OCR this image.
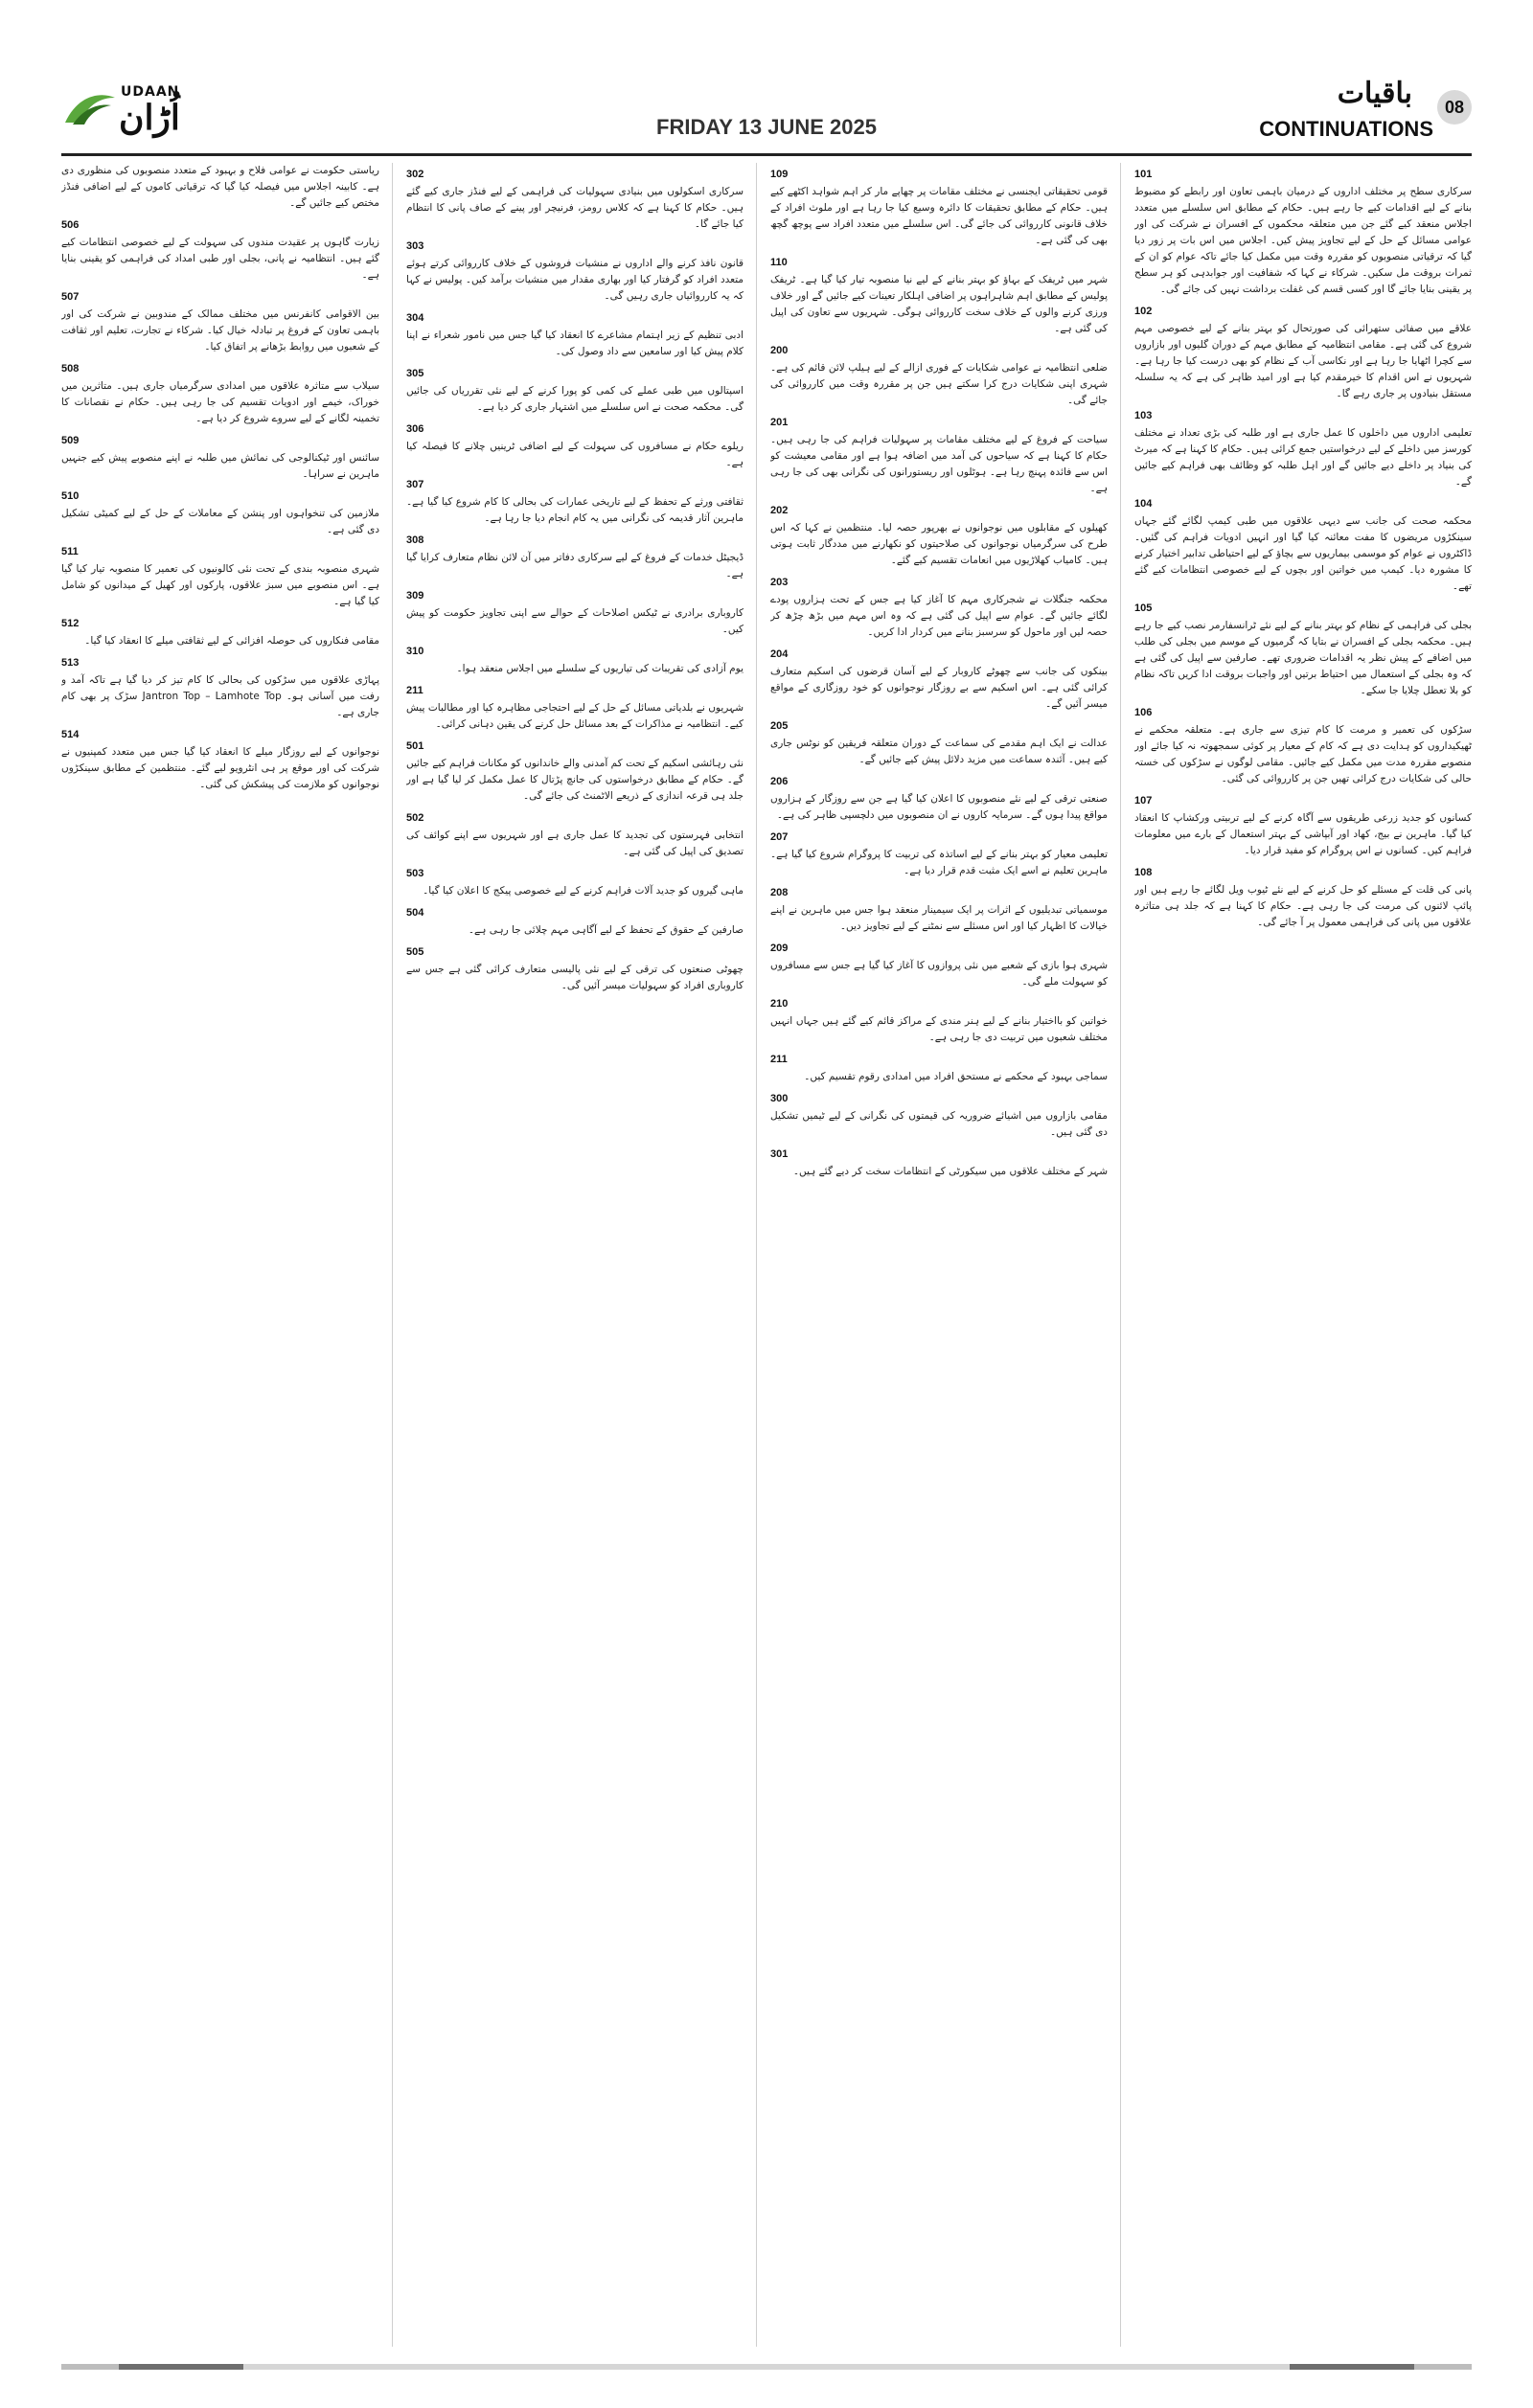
UDAAN
اُڑان	FRIDAY 13 JUNE 2025
باقیات
CONTINUATIONS
08
101

سرکاری سطح پر مختلف اداروں کے درمیان باہمی تعاون اور رابطے کو مضبوط بنانے کے لیے اقدامات کیے جا رہے ہیں۔ حکام کے مطابق اس سلسلے میں متعدد اجلاس منعقد کیے گئے جن میں متعلقہ محکموں کے افسران نے شرکت کی اور عوامی مسائل کے حل کے لیے تجاویز پیش کیں۔ اجلاس میں اس بات پر زور دیا گیا کہ ترقیاتی منصوبوں کو مقررہ وقت میں مکمل کیا جائے تاکہ عوام کو ان کے ثمرات بروقت مل سکیں۔ شرکاء نے کہا کہ شفافیت اور جوابدہی کو ہر سطح پر یقینی بنایا جائے گا اور کسی قسم کی غفلت برداشت نہیں کی جائے گی۔

102

علاقے میں صفائی ستھرائی کی صورتحال کو بہتر بنانے کے لیے خصوصی مہم شروع کی گئی ہے۔ مقامی انتظامیہ کے مطابق مہم کے دوران گلیوں اور بازاروں سے کچرا اٹھایا جا رہا ہے اور نکاسی آب کے نظام کو بھی درست کیا جا رہا ہے۔ شہریوں نے اس اقدام کا خیرمقدم کیا ہے اور امید ظاہر کی ہے کہ یہ سلسلہ مستقل بنیادوں پر جاری رہے گا۔

103

تعلیمی اداروں میں داخلوں کا عمل جاری ہے اور طلبہ کی بڑی تعداد نے مختلف کورسز میں داخلے کے لیے درخواستیں جمع کرائی ہیں۔ حکام کا کہنا ہے کہ میرٹ کی بنیاد پر داخلے دیے جائیں گے اور اہل طلبہ کو وظائف بھی فراہم کیے جائیں گے۔

104

محکمہ صحت کی جانب سے دیہی علاقوں میں طبی کیمپ لگائے گئے جہاں سینکڑوں مریضوں کا مفت معائنہ کیا گیا اور انہیں ادویات فراہم کی گئیں۔ ڈاکٹروں نے عوام کو موسمی بیماریوں سے بچاؤ کے لیے احتیاطی تدابیر اختیار کرنے کا مشورہ دیا۔ کیمپ میں خواتین اور بچوں کے لیے خصوصی انتظامات کیے گئے تھے۔

105

بجلی کی فراہمی کے نظام کو بہتر بنانے کے لیے نئے ٹرانسفارمر نصب کیے جا رہے ہیں۔ محکمہ بجلی کے افسران نے بتایا کہ گرمیوں کے موسم میں بجلی کی طلب میں اضافے کے پیش نظر یہ اقدامات ضروری تھے۔ صارفین سے اپیل کی گئی ہے کہ وہ بجلی کے استعمال میں احتیاط برتیں اور واجبات بروقت ادا کریں تاکہ نظام کو بلا تعطل چلایا جا سکے۔

106

سڑکوں کی تعمیر و مرمت کا کام تیزی سے جاری ہے۔ متعلقہ محکمے نے ٹھیکیداروں کو ہدایت دی ہے کہ کام کے معیار پر کوئی سمجھوتہ نہ کیا جائے اور منصوبے مقررہ مدت میں مکمل کیے جائیں۔ مقامی لوگوں نے سڑکوں کی خستہ حالی کی شکایات درج کرائی تھیں جن پر کارروائی کی گئی۔

107

کسانوں کو جدید زرعی طریقوں سے آگاہ کرنے کے لیے تربیتی ورکشاپ کا انعقاد کیا گیا۔ ماہرین نے بیج، کھاد اور آبپاشی کے بہتر استعمال کے بارے میں معلومات فراہم کیں۔ کسانوں نے اس پروگرام کو مفید قرار دیا۔

108

پانی کی قلت کے مسئلے کو حل کرنے کے لیے نئے ٹیوب ویل لگائے جا رہے ہیں اور پائپ لائنوں کی مرمت کی جا رہی ہے۔ حکام کا کہنا ہے کہ جلد ہی متاثرہ علاقوں میں پانی کی فراہمی معمول پر آ جائے گی۔

109

قومی تحقیقاتی ایجنسی نے مختلف مقامات پر چھاپے مار کر اہم شواہد اکٹھے کیے ہیں۔ حکام کے مطابق تحقیقات کا دائرہ وسیع کیا جا رہا ہے اور ملوث افراد کے خلاف قانونی کارروائی کی جائے گی۔ اس سلسلے میں متعدد افراد سے پوچھ گچھ بھی کی گئی ہے۔

110

شہر میں ٹریفک کے بہاؤ کو بہتر بنانے کے لیے نیا منصوبہ تیار کیا گیا ہے۔ ٹریفک پولیس کے مطابق اہم شاہراہوں پر اضافی اہلکار تعینات کیے جائیں گے اور خلاف ورزی کرنے والوں کے خلاف سخت کارروائی ہوگی۔ شہریوں سے تعاون کی اپیل کی گئی ہے۔

200

ضلعی انتظامیہ نے عوامی شکایات کے فوری ازالے کے لیے ہیلپ لائن قائم کی ہے۔ شہری اپنی شکایات درج کرا سکتے ہیں جن پر مقررہ وقت میں کارروائی کی جائے گی۔

201

سیاحت کے فروغ کے لیے مختلف مقامات پر سہولیات فراہم کی جا رہی ہیں۔ حکام کا کہنا ہے کہ سیاحوں کی آمد میں اضافہ ہوا ہے اور مقامی معیشت کو اس سے فائدہ پہنچ رہا ہے۔ ہوٹلوں اور ریستورانوں کی نگرانی بھی کی جا رہی ہے۔

202

کھیلوں کے مقابلوں میں نوجوانوں نے بھرپور حصہ لیا۔ منتظمین نے کہا کہ اس طرح کی سرگرمیاں نوجوانوں کی صلاحیتوں کو نکھارنے میں مددگار ثابت ہوتی ہیں۔ کامیاب کھلاڑیوں میں انعامات تقسیم کیے گئے۔

203

محکمہ جنگلات نے شجرکاری مہم کا آغاز کیا ہے جس کے تحت ہزاروں پودے لگائے جائیں گے۔ عوام سے اپیل کی گئی ہے کہ وہ اس مہم میں بڑھ چڑھ کر حصہ لیں اور ماحول کو سرسبز بنانے میں کردار ادا کریں۔

204

بینکوں کی جانب سے چھوٹے کاروبار کے لیے آسان قرضوں کی اسکیم متعارف کرائی گئی ہے۔ اس اسکیم سے بے روزگار نوجوانوں کو خود روزگاری کے مواقع میسر آئیں گے۔

205

عدالت نے ایک اہم مقدمے کی سماعت کے دوران متعلقہ فریقین کو نوٹس جاری کیے ہیں۔ آئندہ سماعت میں مزید دلائل پیش کیے جائیں گے۔

206

صنعتی ترقی کے لیے نئے منصوبوں کا اعلان کیا گیا ہے جن سے روزگار کے ہزاروں مواقع پیدا ہوں گے۔ سرمایہ کاروں نے ان منصوبوں میں دلچسپی ظاہر کی ہے۔

207

تعلیمی معیار کو بہتر بنانے کے لیے اساتذہ کی تربیت کا پروگرام شروع کیا گیا ہے۔ ماہرین تعلیم نے اسے ایک مثبت قدم قرار دیا ہے۔

208

موسمیاتی تبدیلیوں کے اثرات پر ایک سیمینار منعقد ہوا جس میں ماہرین نے اپنے خیالات کا اظہار کیا اور اس مسئلے سے نمٹنے کے لیے تجاویز دیں۔

209

شہری ہوا بازی کے شعبے میں نئی پروازوں کا آغاز کیا گیا ہے جس سے مسافروں کو سہولت ملے گی۔

210

خواتین کو بااختیار بنانے کے لیے ہنر مندی کے مراکز قائم کیے گئے ہیں جہاں انہیں مختلف شعبوں میں تربیت دی جا رہی ہے۔

211

سماجی بہبود کے محکمے نے مستحق افراد میں امدادی رقوم تقسیم کیں۔

300

مقامی بازاروں میں اشیائے ضروریہ کی قیمتوں کی نگرانی کے لیے ٹیمیں تشکیل دی گئی ہیں۔

301

شہر کے مختلف علاقوں میں سیکورٹی کے انتظامات سخت کر دیے گئے ہیں۔

302

سرکاری اسکولوں میں بنیادی سہولیات کی فراہمی کے لیے فنڈز جاری کیے گئے ہیں۔ حکام کا کہنا ہے کہ کلاس رومز، فرنیچر اور پینے کے صاف پانی کا انتظام کیا جائے گا۔

303

قانون نافذ کرنے والے اداروں نے منشیات فروشوں کے خلاف کارروائی کرتے ہوئے متعدد افراد کو گرفتار کیا اور بھاری مقدار میں منشیات برآمد کیں۔ پولیس نے کہا کہ یہ کارروائیاں جاری رہیں گی۔

304

ادبی تنظیم کے زیر اہتمام مشاعرے کا انعقاد کیا گیا جس میں نامور شعراء نے اپنا کلام پیش کیا اور سامعین سے داد وصول کی۔

305

اسپتالوں میں طبی عملے کی کمی کو پورا کرنے کے لیے نئی تقرریاں کی جائیں گی۔ محکمہ صحت نے اس سلسلے میں اشتہار جاری کر دیا ہے۔

306

ریلوے حکام نے مسافروں کی سہولت کے لیے اضافی ٹرینیں چلانے کا فیصلہ کیا ہے۔

307

ثقافتی ورثے کے تحفظ کے لیے تاریخی عمارات کی بحالی کا کام شروع کیا گیا ہے۔ ماہرین آثار قدیمہ کی نگرانی میں یہ کام انجام دیا جا رہا ہے۔

308

ڈیجیٹل خدمات کے فروغ کے لیے سرکاری دفاتر میں آن لائن نظام متعارف کرایا گیا ہے۔

309

کاروباری برادری نے ٹیکس اصلاحات کے حوالے سے اپنی تجاویز حکومت کو پیش کیں۔

310

یوم آزادی کی تقریبات کی تیاریوں کے سلسلے میں اجلاس منعقد ہوا۔

211

شہریوں نے بلدیاتی مسائل کے حل کے لیے احتجاجی مظاہرہ کیا اور مطالبات پیش کیے۔ انتظامیہ نے مذاکرات کے بعد مسائل حل کرنے کی یقین دہانی کرائی۔

501

نئی رہائشی اسکیم کے تحت کم آمدنی والے خاندانوں کو مکانات فراہم کیے جائیں گے۔ حکام کے مطابق درخواستوں کی جانچ پڑتال کا عمل مکمل کر لیا گیا ہے اور جلد ہی قرعہ اندازی کے ذریعے الاٹمنٹ کی جائے گی۔

502

انتخابی فہرستوں کی تجدید کا عمل جاری ہے اور شہریوں سے اپنے کوائف کی تصدیق کی اپیل کی گئی ہے۔

503

ماہی گیروں کو جدید آلات فراہم کرنے کے لیے خصوصی پیکج کا اعلان کیا گیا۔

504

صارفین کے حقوق کے تحفظ کے لیے آگاہی مہم چلائی جا رہی ہے۔

505

چھوٹی صنعتوں کی ترقی کے لیے نئی پالیسی متعارف کرائی گئی ہے جس سے کاروباری افراد کو سہولیات میسر آئیں گی۔

ریاستی حکومت نے عوامی فلاح و بہبود کے متعدد منصوبوں کی منظوری دی ہے۔ کابینہ اجلاس میں فیصلہ کیا گیا کہ ترقیاتی کاموں کے لیے اضافی فنڈز مختص کیے جائیں گے۔

506

زیارت گاہوں پر عقیدت مندوں کی سہولت کے لیے خصوصی انتظامات کیے گئے ہیں۔ انتظامیہ نے پانی، بجلی اور طبی امداد کی فراہمی کو یقینی بنایا ہے۔

507

بین الاقوامی کانفرنس میں مختلف ممالک کے مندوبین نے شرکت کی اور باہمی تعاون کے فروغ پر تبادلہ خیال کیا۔ شرکاء نے تجارت، تعلیم اور ثقافت کے شعبوں میں روابط بڑھانے پر اتفاق کیا۔

508

سیلاب سے متاثرہ علاقوں میں امدادی سرگرمیاں جاری ہیں۔ متاثرین میں خوراک، خیمے اور ادویات تقسیم کی جا رہی ہیں۔ حکام نے نقصانات کا تخمینہ لگانے کے لیے سروے شروع کر دیا ہے۔

509

سائنس اور ٹیکنالوجی کی نمائش میں طلبہ نے اپنے منصوبے پیش کیے جنہیں ماہرین نے سراہا۔

510

ملازمین کی تنخواہوں اور پنشن کے معاملات کے حل کے لیے کمیٹی تشکیل دی گئی ہے۔

511

شہری منصوبہ بندی کے تحت نئی کالونیوں کی تعمیر کا منصوبہ تیار کیا گیا ہے۔ اس منصوبے میں سبز علاقوں، پارکوں اور کھیل کے میدانوں کو شامل کیا گیا ہے۔

512

مقامی فنکاروں کی حوصلہ افزائی کے لیے ثقافتی میلے کا انعقاد کیا گیا۔

513

پہاڑی علاقوں میں سڑکوں کی بحالی کا کام تیز کر دیا گیا ہے تاکہ آمد و رفت میں آسانی ہو۔ Jantron Top – Lamhote Top سڑک پر بھی کام جاری ہے۔

514

نوجوانوں کے لیے روزگار میلے کا انعقاد کیا گیا جس میں متعدد کمپنیوں نے شرکت کی اور موقع پر ہی انٹرویو لیے گئے۔ منتظمین کے مطابق سینکڑوں نوجوانوں کو ملازمت کی پیشکش کی گئی۔
